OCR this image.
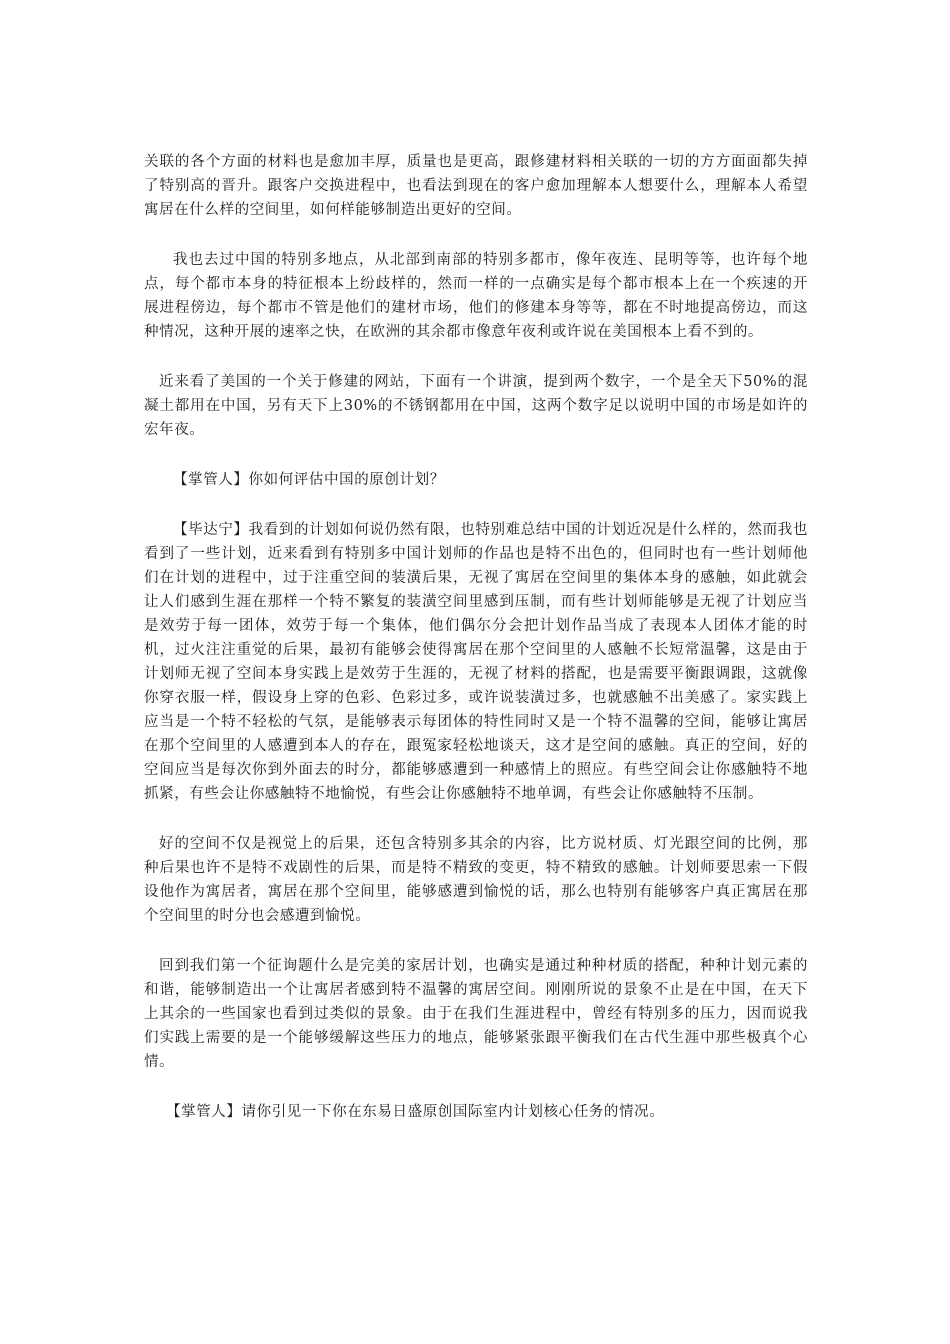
关联的各个方面的材料也是愈加丰厚，质量也是更高，跟修建材料相关联的一切的方方面面都失掉了特别高的晋升。跟客户交换进程中，也看法到现在的客户愈加理解本人想要什么，理解本人希望寓居在什么样的空间里，如何样能够制造出更好的空间。

我也去过中国的特别多地点，从北部到南部的特别多都市，像年夜连、昆明等等，也许每个地点，每个都市本身的特征根本上纷歧样的，然而一样的一点确实是每个都市根本上在一个疾速的开展进程傍边，每个都市不管是他们的建材市场，他们的修建本身等等，都在不时地提高傍边，而这种情况，这种开展的速率之快，在欧洲的其余都市像意年夜利或许说在美国根本上看不到的。

近来看了美国的一个关于修建的网站，下面有一个讲演，提到两个数字，一个是全天下50%的混凝土都用在中国，另有天下上30%的不锈钢都用在中国，这两个数字足以说明中国的市场是如许的宏年夜。

【掌管人】你如何评估中国的原创计划？

【毕达宁】我看到的计划如何说仍然有限，也特别难总结中国的计划近况是什么样的，然而我也看到了一些计划，近来看到有特别多中国计划师的作品也是特不出色的，但同时也有一些计划师他们在计划的进程中，过于注重空间的装潢后果，无视了寓居在空间里的集体本身的感触，如此就会让人们感到生涯在那样一个特不繁复的装潢空间里感到压制，而有些计划师能够是无视了计划应当是效劳于每一团体，效劳于每一个集体，他们偶尔分会把计划作品当成了表现本人团体才能的时机，过火注注重觉的后果，最初有能够会使得寓居在那个空间里的人感触不长短常温馨，这是由于计划师无视了空间本身实践上是效劳于生涯的，无视了材料的搭配，也是需要平衡跟调跟，这就像你穿衣服一样，假设身上穿的色彩、色彩过多，或许说装潢过多，也就感触不出美感了。家实践上应当是一个特不轻松的气氛，是能够表示每团体的特性同时又是一个特不温馨的空间，能够让寓居在那个空间里的人感遭到本人的存在，跟冤家轻松地谈天，这才是空间的感触。真正的空间，好的空间应当是每次你到外面去的时分，都能够感遭到一种感情上的照应。有些空间会让你感触特不地抓紧，有些会让你感触特不地愉悦，有些会让你感触特不地单调，有些会让你感触特不压制。

好的空间不仅是视觉上的后果，还包含特别多其余的内容，比方说材质、灯光跟空间的比例，那种后果也许不是特不戏剧性的后果，而是特不精致的变更，特不精致的感触。计划师要思索一下假设他作为寓居者，寓居在那个空间里，能够感遭到愉悦的话，那么也特别有能够客户真正寓居在那个空间里的时分也会感遭到愉悦。

回到我们第一个征询题什么是完美的家居计划，也确实是通过种种材质的搭配，种种计划元素的和谐，能够制造出一个让寓居者感到特不温馨的寓居空间。刚刚所说的景象不止是在中国，在天下上其余的一些国家也看到过类似的景象。由于在我们生涯进程中，曾经有特别多的压力，因而说我们实践上需要的是一个能够缓解这些压力的地点，能够紧张跟平衡我们在古代生涯中那些极真个心情。

【掌管人】请你引见一下你在东易日盛原创国际室内计划核心任务的情况。
